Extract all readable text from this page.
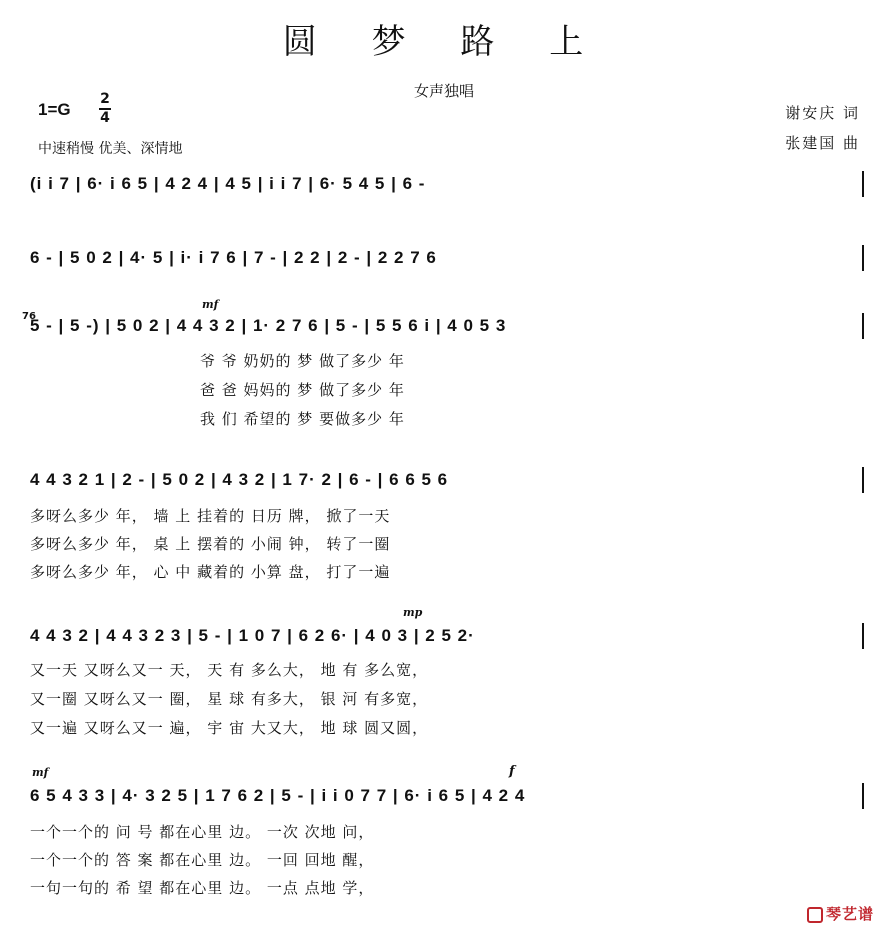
圆 梦 路 上
女声独唱
1=G
2
4
中速稍慢 优美、深情地
谢安庆 词
张建国 曲
(i i 7 | 6· i 6 5 | 4 2 4 | 4 5 | i i 7 | 6· 5 4 5 | 6 -
6 - | 5 0 2 | 4· 5 | i· i 7 6 | 7 - | 2 2 | 2 - | 2 2 7 6
76
mf
5 - | 5 -) | 5 0 2 | 4 4 3 2 | 1· 2 7 6 | 5 - | 5 5 6 i | 4 0 5 3
爷 爷 奶奶的 梦 做了多少 年
爸 爸 妈妈的 梦 做了多少 年
我 们 希望的 梦 要做多少 年
4 4 3 2 1 | 2 - | 5 0 2 | 4 3 2 | 1 7· 2 | 6 - | 6 6 5 6
多呀么多少 年， 墙 上 挂着的 日历 牌， 掀了一天
多呀么多少 年， 桌 上 摆着的 小闹 钟， 转了一圈
多呀么多少 年， 心 中 藏着的 小算 盘， 打了一遍
mp
4 4 3 2 | 4 4 3 2 3 | 5 - | 1 0 7 | 6 2 6· | 4 0 3 | 2 5 2·
又一天 又呀么又一 天， 天 有 多么大， 地 有 多么宽，
又一圈 又呀么又一 圈， 星 球 有多大， 银 河 有多宽，
又一遍 又呀么又一 遍， 宇 宙 大又大， 地 球 圆又圆，
mf	f
6 5 4 3 3 | 4· 3 2 5 | 1 7 6 2 | 5 - | i i 0 7 7 | 6· i 6 5 | 4 2 4
一个一个的 问 号 都在心里 边。 一次 次地 问，
一个一个的 答 案 都在心里 边。 一回 回地 醒，
一句一句的 希 望 都在心里 边。 一点 点地 学，
琴艺谱
